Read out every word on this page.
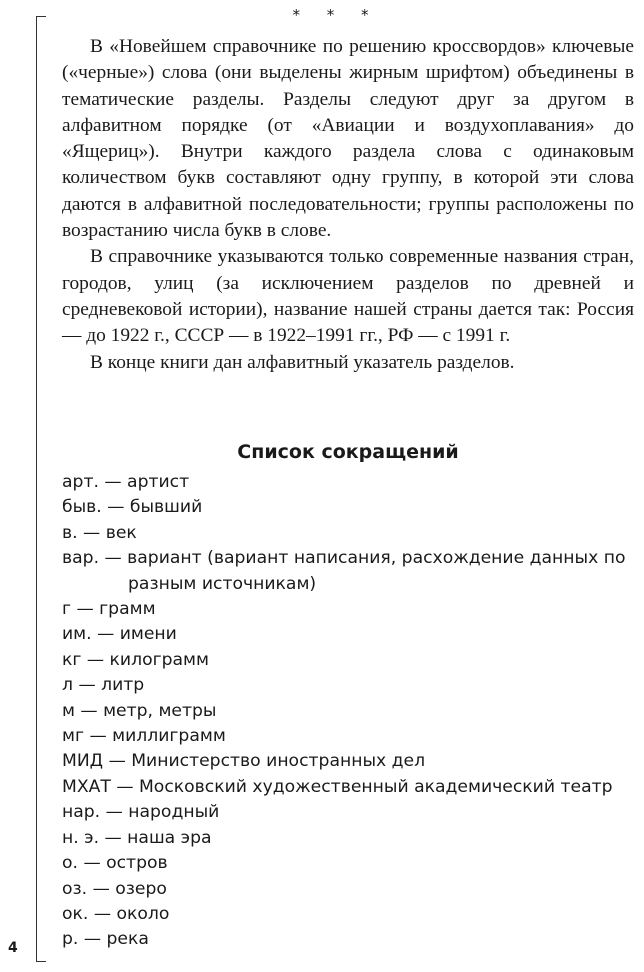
4
* * *

В «Новейшем справочнике по решению кроссвордов» ключевые («черные») слова (они выделены жирным шрифтом) объединены в тематические разделы. Разделы следуют друг за другом в алфавитном порядке (от «Авиации и воздухоплавания» до «Ящериц»). Внутри каждого раздела слова с одинаковым количеством букв составляют одну группу, в которой эти слова даются в алфавитной последовательности; группы расположены по возрастанию числа букв в слове.

В справочнике указываются только современные названия стран, городов, улиц (за исключением разделов по древней и средневековой истории), название нашей страны дается так: Россия — до 1922 г., СССР — в 1922–1991 гг., РФ — с 1991 г.

В конце книги дан алфавитный указатель разделов.

Список сокращений
арт. — артист
быв. — бывший
в. — век
вар. — вариант (вариант написания, расхождение данных по разным источникам)
г — грамм
им. — имени
кг — килограмм
л — литр
м — метр, метры
мг — миллиграмм
МИД — Министерство иностранных дел
МХАТ — Московский художественный академический театр
нар. — народный
н. э. — наша эра
о. — остров
оз. — озеро
ок. — около
р. — река
